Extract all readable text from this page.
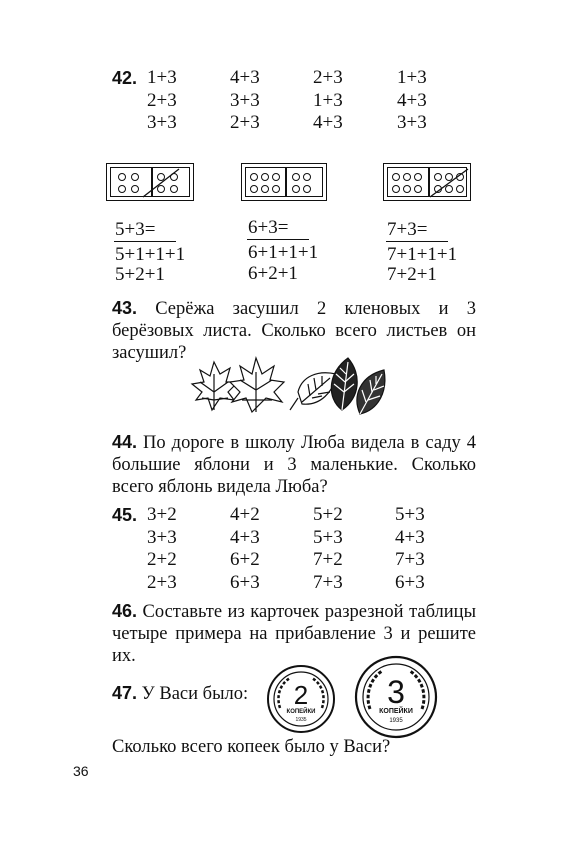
42. 1+3
2+3
3+3
4+3
3+3
2+3
2+3
1+3
4+3
1+3
4+3
3+3
5+3=
5+1+1+1
5+2+1
6+3=
6+1+1+1
6+2+1
7+3=
7+1+1+1
7+2+1
43. Серёжа засушил 2 кленовых и 3 берёзовых листа. Сколько всего листьев он засушил?
44. По дороге в школу Люба видела в саду 4 большие яблони и 3 маленькие. Сколько всего яблонь видела Люба?
45. 3+2
3+3
2+2
2+3
4+2
4+3
6+2
6+3
5+2
5+3
7+2
7+3
5+3
4+3
7+3
6+3
46. Составьте из карточек разрезной таблицы четыре примера на прибавление 3 и решите их.
47. У Васи было: 2
КОПЕЙКИ
1935
3
КОПЕЙКИ
1935
Сколько всего копеек было у Васи?
36
